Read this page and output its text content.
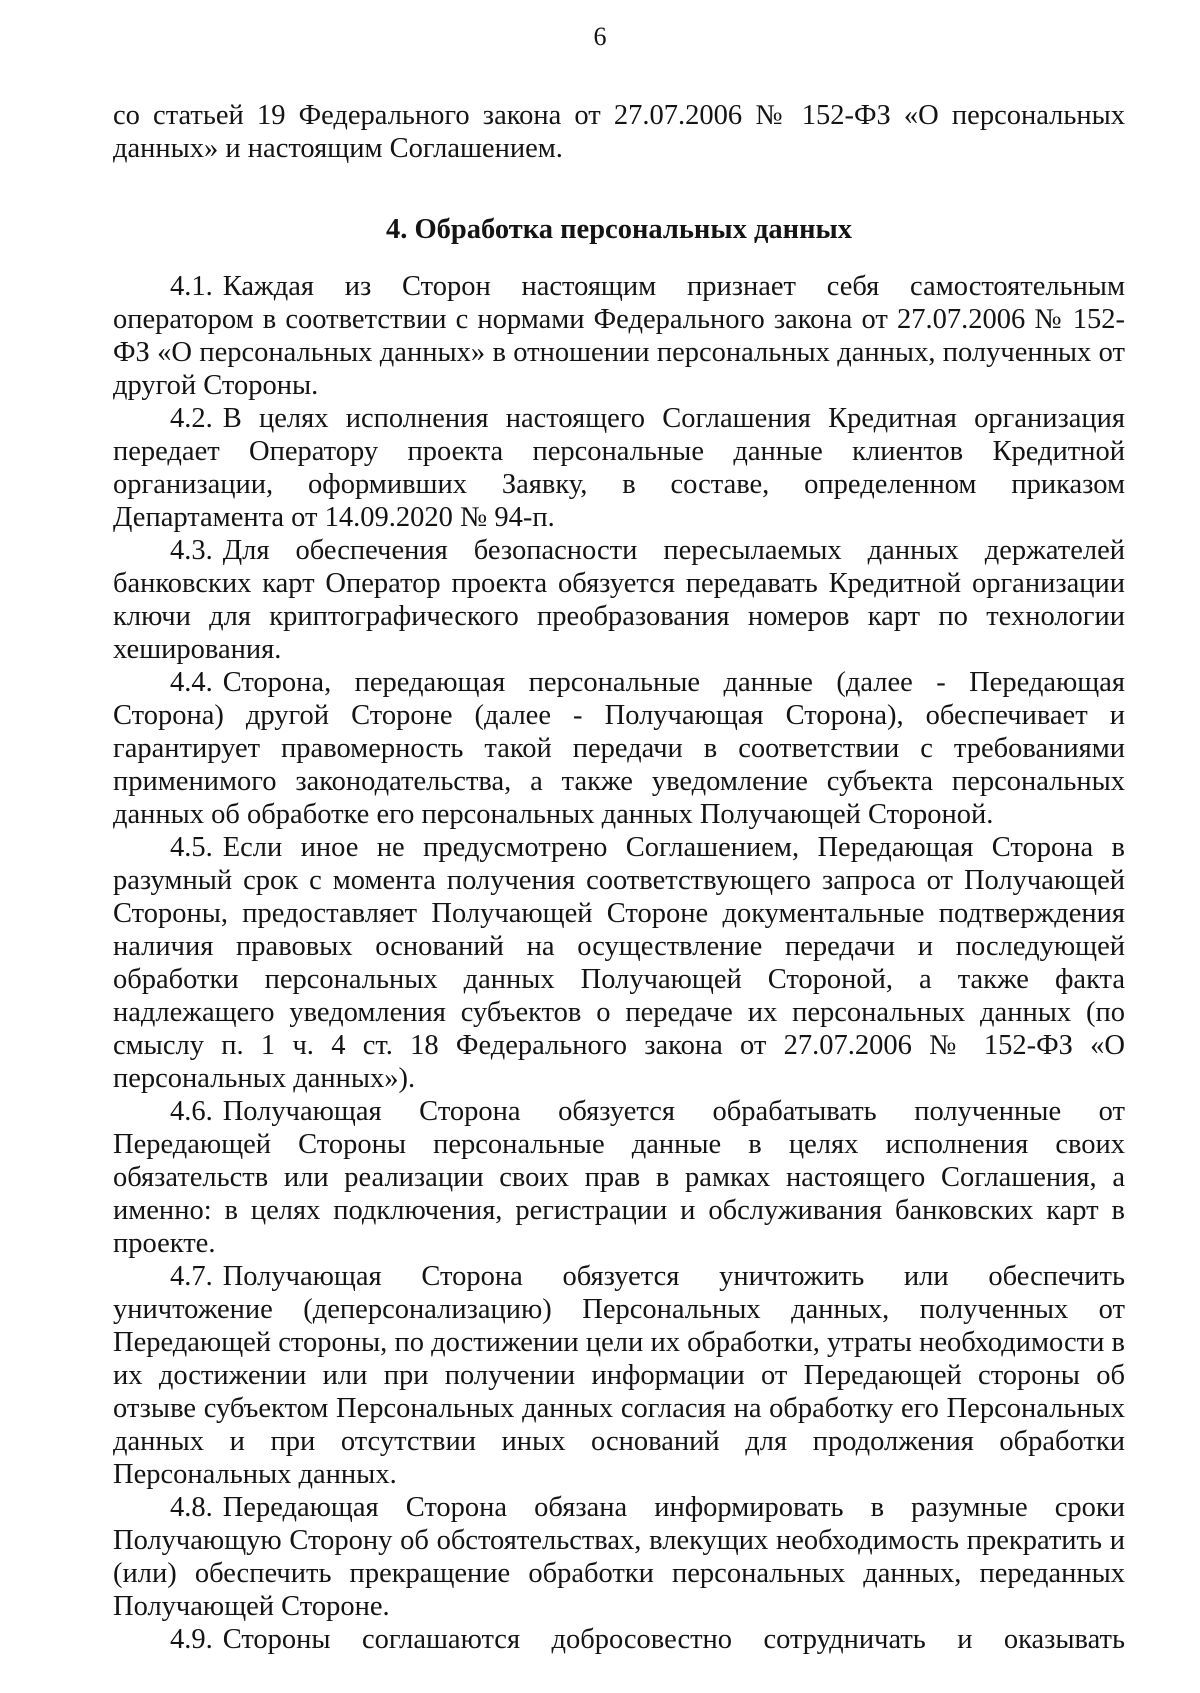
6

со статьей 19 Федерального закона от 27.07.2006 № 152-ФЗ «О персональных данных» и настоящим Соглашением.

4. Обработка персональных данных

4.1. Каждая из Сторон настоящим признает себя самостоятельным оператором в соответствии с нормами Федерального закона от 27.07.2006 № 152-ФЗ «О персональных данных» в отношении персональных данных, полученных от другой Стороны.

4.2. В целях исполнения настоящего Соглашения Кредитная организация передает Оператору проекта персональные данные клиентов Кредитной организации, оформивших Заявку, в составе, определенном приказом Департамента от 14.09.2020 № 94-п.

4.3. Для обеспечения безопасности пересылаемых данных держателей банковских карт Оператор проекта обязуется передавать Кредитной организации ключи для криптографического преобразования номеров карт по технологии хеширования.

4.4. Сторона, передающая персональные данные (далее - Передающая Сторона) другой Стороне (далее - Получающая Сторона), обеспечивает и гарантирует правомерность такой передачи в соответствии с требованиями применимого законодательства, а также уведомление субъекта персональных данных об обработке его персональных данных Получающей Стороной.

4.5. Если иное не предусмотрено Соглашением, Передающая Сторона в разумный срок с момента получения соответствующего запроса от Получающей Стороны, предоставляет Получающей Стороне документальные подтверждения наличия правовых оснований на осуществление передачи и последующей обработки персональных данных Получающей Стороной, а также факта надлежащего уведомления субъектов о передаче их персональных данных (по смыслу п. 1 ч. 4 ст. 18 Федерального закона от 27.07.2006 № 152-ФЗ «О персональных данных»).

4.6. Получающая Сторона обязуется обрабатывать полученные от Передающей Стороны персональные данные в целях исполнения своих обязательств или реализации своих прав в рамках настоящего Соглашения, а именно: в целях подключения, регистрации и обслуживания банковских карт в проекте.

4.7. Получающая Сторона обязуется уничтожить или обеспечить уничтожение (деперсонализацию) Персональных данных, полученных от Передающей стороны, по достижении цели их обработки, утраты необходимости в их достижении или при получении информации от Передающей стороны об отзыве субъектом Персональных данных согласия на обработку его Персональных данных и при отсутствии иных оснований для продолжения обработки Персональных данных.

4.8. Передающая Сторона обязана информировать в разумные сроки Получающую Сторону об обстоятельствах, влекущих необходимость прекратить и (или) обеспечить прекращение обработки персональных данных, переданных Получающей Стороне.

4.9. Стороны соглашаются добросовестно сотрудничать и оказывать
